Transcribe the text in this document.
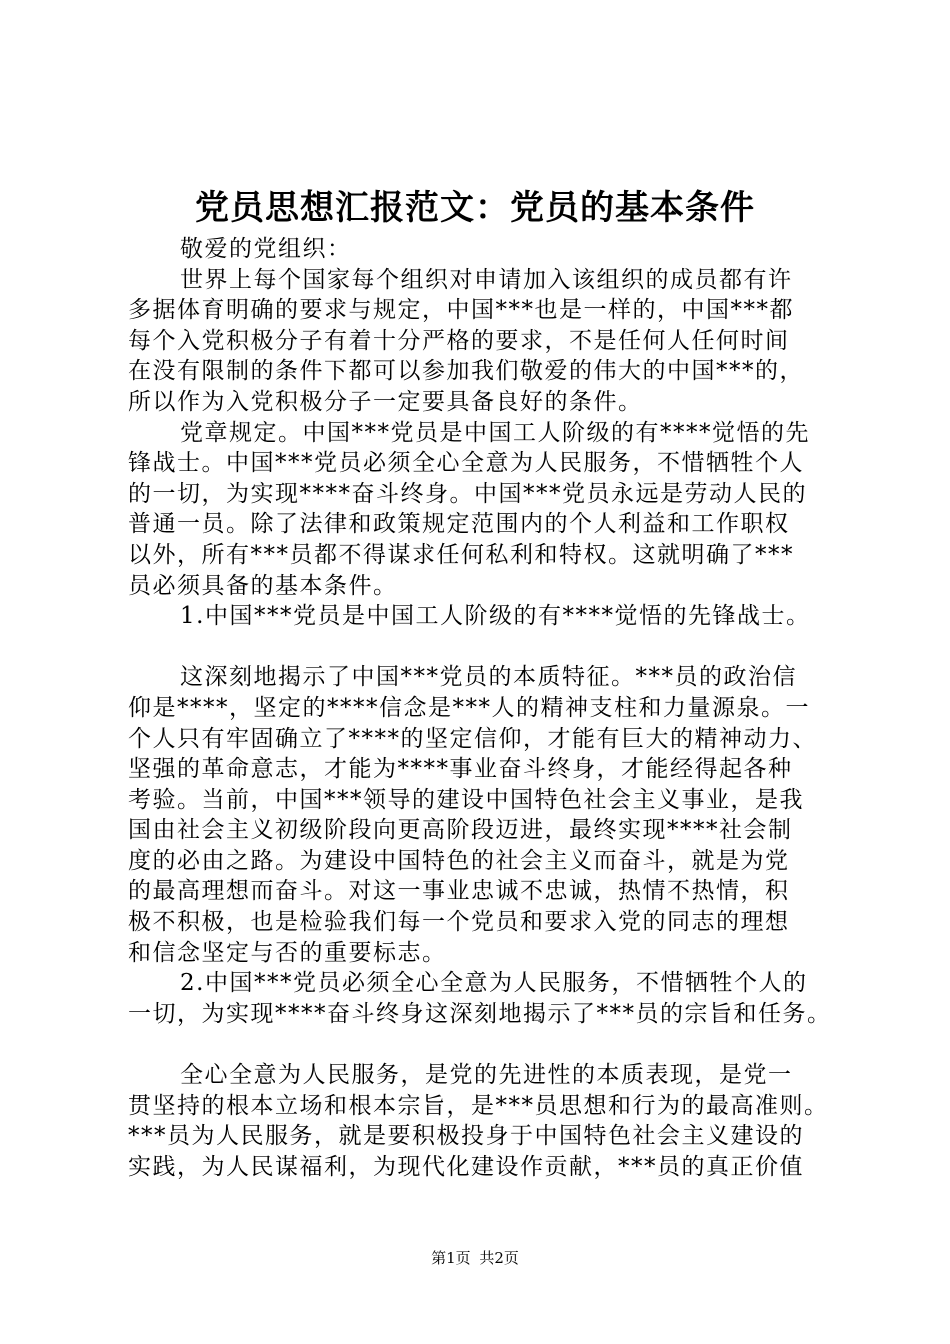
党员思想汇报范文：党员的基本条件
敬爱的党组织：
世界上每个国家每个组织对申请加入该组织的成员都有许
多据体育明确的要求与规定，中国***也是一样的，中国***都
每个入党积极分子有着十分严格的要求，不是任何人任何时间
在没有限制的条件下都可以参加我们敬爱的伟大的中国***的，
所以作为入党积极分子一定要具备良好的条件。
党章规定。中国***党员是中国工人阶级的有****觉悟的先
锋战士。中国***党员必须全心全意为人民服务，不惜牺牲个人
的一切，为实现****奋斗终身。中国***党员永远是劳动人民的
普通一员。除了法律和政策规定范围内的个人利益和工作职权
以外，所有***员都不得谋求任何私利和特权。这就明确了***
员必须具备的基本条件。
1.中国***党员是中国工人阶级的有****觉悟的先锋战士。
这深刻地揭示了中国***党员的本质特征。***员的政治信
仰是****，坚定的****信念是***人的精神支柱和力量源泉。一
个人只有牢固确立了****的坚定信仰，才能有巨大的精神动力、
坚强的革命意志，才能为****事业奋斗终身，才能经得起各种
考验。当前，中国***领导的建设中国特色社会主义事业，是我
国由社会主义初级阶段向更高阶段迈进，最终实现****社会制
度的必由之路。为建设中国特色的社会主义而奋斗，就是为党
的最高理想而奋斗。对这一事业忠诚不忠诚，热情不热情，积
极不积极，也是检验我们每一个党员和要求入党的同志的理想
和信念坚定与否的重要标志。
2.中国***党员必须全心全意为人民服务，不惜牺牲个人的
一切，为实现****奋斗终身这深刻地揭示了***员的宗旨和任务。
全心全意为人民服务，是党的先进性的本质表现，是党一
贯坚持的根本立场和根本宗旨，是***员思想和行为的最高准则。
***员为人民服务，就是要积极投身于中国特色社会主义建设的
实践，为人民谋福利，为现代化建设作贡献，***员的真正价值
第1页 共2页
